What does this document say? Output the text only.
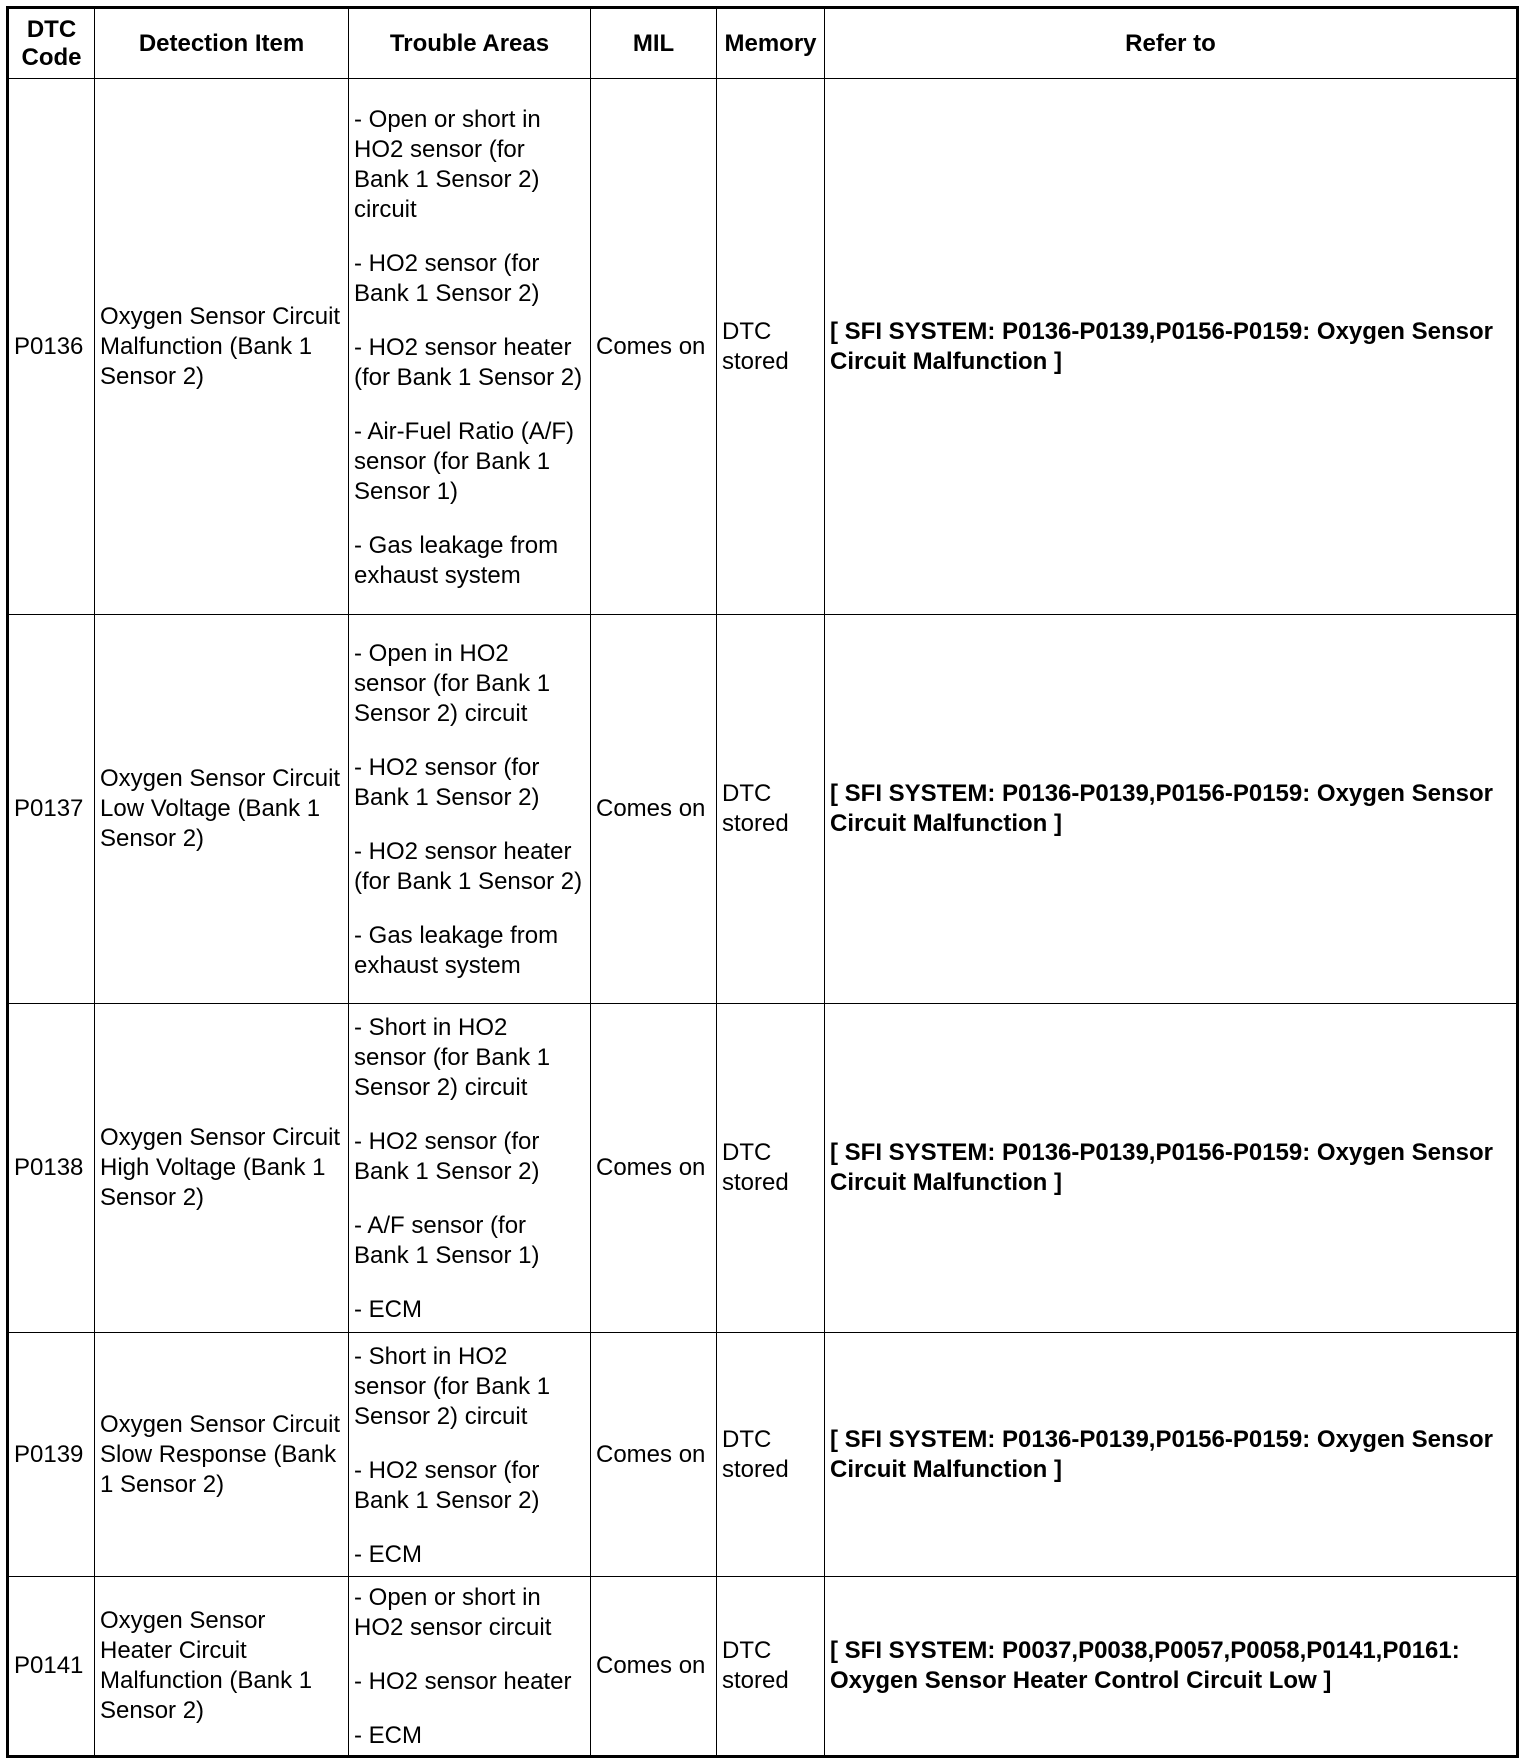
DTC Code	Detection Item	Trouble Areas	MIL	Memory	Refer to
P0136	Oxygen Sensor Circuit Malfunction (Bank 1 Sensor 2)	- Open or short in HO2 sensor (for Bank 1 Sensor 2) circuit

- HO2 sensor (for Bank 1 Sensor 2)

- HO2 sensor heater (for Bank 1 Sensor 2)

- Air-Fuel Ratio (A/F) sensor (for Bank 1 Sensor 1)

- Gas leakage from exhaust system	Comes on	DTC stored	[ SFI SYSTEM: P0136-P0139,P0156-P0159: Oxygen Sensor Circuit Malfunction ]
P0137	Oxygen Sensor Circuit Low Voltage (Bank 1 Sensor 2)	- Open in HO2 sensor (for Bank 1 Sensor 2) circuit

- HO2 sensor (for Bank 1 Sensor 2)

- HO2 sensor heater (for Bank 1 Sensor 2)

- Gas leakage from exhaust system	Comes on	DTC stored	[ SFI SYSTEM: P0136-P0139,P0156-P0159: Oxygen Sensor Circuit Malfunction ]
P0138	Oxygen Sensor Circuit High Voltage (Bank 1 Sensor 2)	- Short in HO2 sensor (for Bank 1 Sensor 2) circuit

- HO2 sensor (for Bank 1 Sensor 2)

- A/F sensor (for Bank 1 Sensor 1)

- ECM	Comes on	DTC stored	[ SFI SYSTEM: P0136-P0139,P0156-P0159: Oxygen Sensor Circuit Malfunction ]
P0139	Oxygen Sensor Circuit Slow Response (Bank 1 Sensor 2)	- Short in HO2 sensor (for Bank 1 Sensor 2) circuit

- HO2 sensor (for Bank 1 Sensor 2)

- ECM	Comes on	DTC stored	[ SFI SYSTEM: P0136-P0139,P0156-P0159: Oxygen Sensor Circuit Malfunction ]
P0141	Oxygen Sensor Heater Circuit Malfunction (Bank 1 Sensor 2)	- Open or short in HO2 sensor circuit

- HO2 sensor heater

- ECM	Comes on	DTC stored	[ SFI SYSTEM: P0037,P0038,P0057,P0058,P0141,P0161: Oxygen Sensor Heater Control Circuit Low ]
